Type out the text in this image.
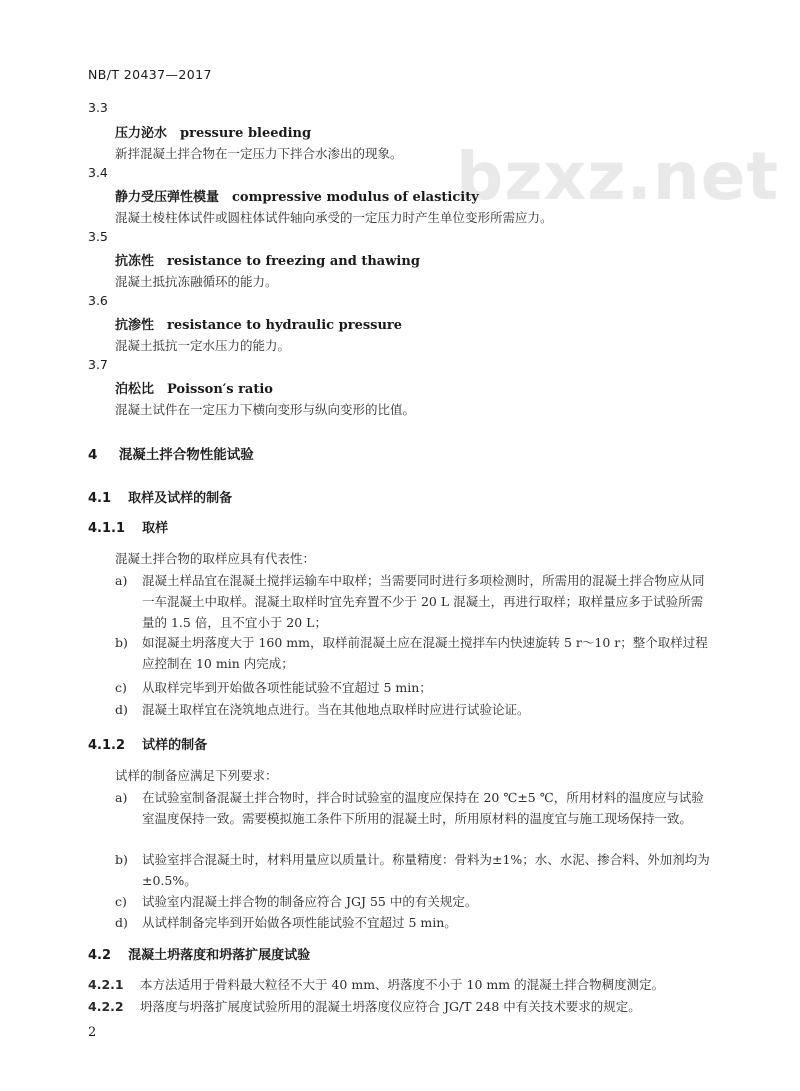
bzxz.net
NB/T 20437—2017
3.3
压力泌水　pressure bleeding
新拌混凝土拌合物在一定压力下拌合水渗出的现象。
3.4
静力受压弹性模量　compressive modulus of elasticity
混凝土棱柱体试件或圆柱体试件轴向承受的一定压力时产生单位变形所需应力。
3.5
抗冻性　resistance to freezing and thawing
混凝土抵抗冻融循环的能力。
3.6
抗渗性　resistance to hydraulic pressure
混凝土抵抗一定水压力的能力。
3.7
泊松比　Poisson′s ratio
混凝土试件在一定压力下横向变形与纵向变形的比值。
4 混凝土拌合物性能试验
4.1 取样及试样的制备
4.1.1 取样
混凝土拌合物的取样应具有代表性：
a) 混凝土样品宜在混凝土搅拌运输车中取样；当需要同时进行多项检测时，所需用的混凝土拌合物应从同一车混凝土中取样。混凝土取样时宜先弃置不少于 20 L 混凝土，再进行取样；取样量应多于试验所需量的 1.5 倍，且不宜小于 20 L；
b) 如混凝土坍落度大于 160 mm，取样前混凝土应在混凝土搅拌车内快速旋转 5 r～10 r；整个取样过程应控制在 10 min 内完成；
c) 从取样完毕到开始做各项性能试验不宜超过 5 min；
d) 混凝土取样宜在浇筑地点进行。当在其他地点取样时应进行试验论证。
4.1.2 试样的制备
试样的制备应满足下列要求：
a) 在试验室制备混凝土拌合物时，拌合时试验室的温度应保持在 20 ℃±5 ℃，所用材料的温度应与试验室温度保持一致。需要模拟施工条件下所用的混凝土时，所用原材料的温度宜与施工现场保持一致。
b) 试验室拌合混凝土时，材料用量应以质量计。称量精度：骨料为±1%；水、水泥、掺合料、外加剂均为±0.5%。
c) 试验室内混凝土拌合物的制备应符合 JGJ 55 中的有关规定。
d) 从试样制备完毕到开始做各项性能试验不宜超过 5 min。
4.2 混凝土坍落度和坍落扩展度试验
4.2.1 本方法适用于骨料最大粒径不大于 40 mm、坍落度不小于 10 mm 的混凝土拌合物稠度测定。
4.2.2 坍落度与坍落扩展度试验所用的混凝土坍落度仪应符合 JG/T 248 中有关技术要求的规定。
2
